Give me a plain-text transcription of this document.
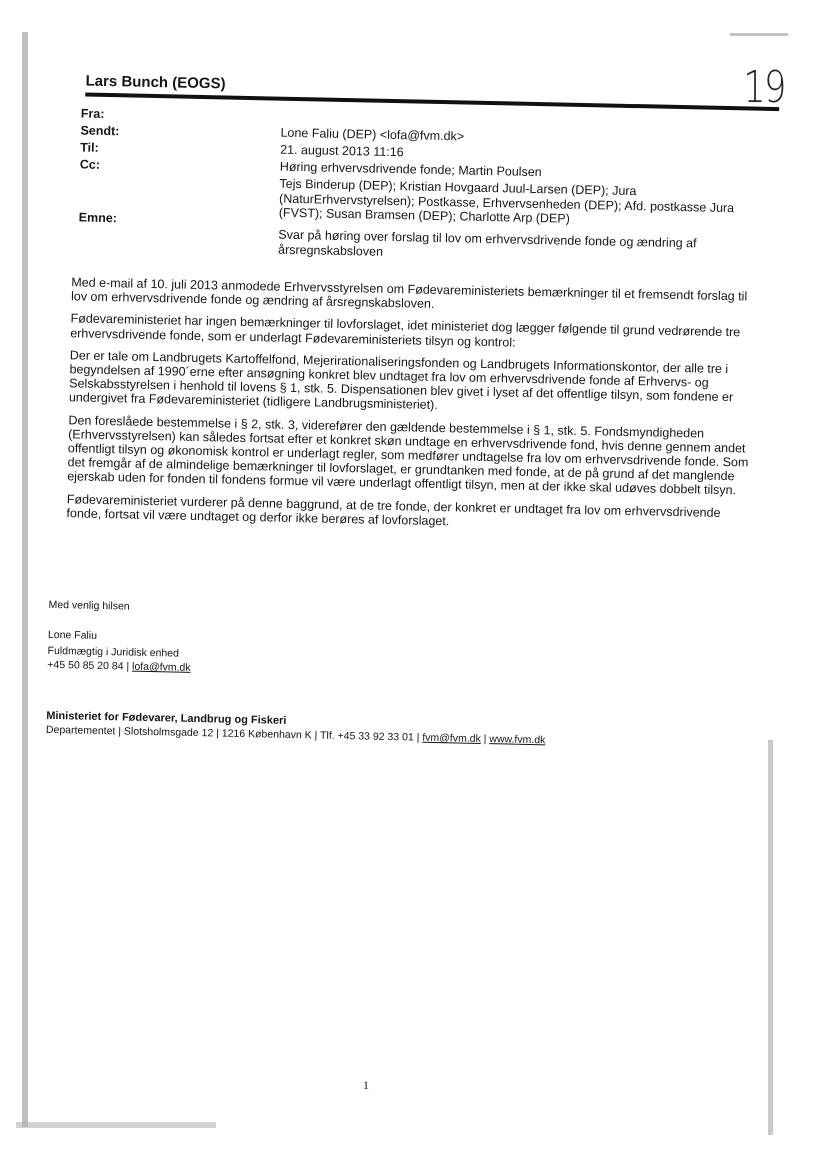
19
Lars Bunch (EOGS)
Fra:
Sendt:
Til:
Cc:
Emne:
Lone Faliu (DEP) <lofa@fvm.dk>
21. august 2013 11:16
Høring erhvervsdrivende fonde; Martin Poulsen
Tejs Binderup (DEP); Kristian Hovgaard Juul-Larsen (DEP); Jura (NaturErhvervstyrelsen); Postkasse, Erhvervsenheden (DEP); Afd. postkasse Jura (FVST); Susan Bramsen (DEP); Charlotte Arp (DEP)
Svar på høring over forslag til lov om erhvervsdrivende fonde og ændring af årsregnskabsloven

Med e-mail af 10. juli 2013 anmodede Erhvervsstyrelsen om Fødevareministeriets bemærkninger til et fremsendt forslag til lov om erhvervsdrivende fonde og ændring af årsregnskabsloven.

Fødevareministeriet har ingen bemærkninger til lovforslaget, idet ministeriet dog lægger følgende til grund vedrørende tre erhvervsdrivende fonde, som er underlagt Fødevareministeriets tilsyn og kontrol:

Der er tale om Landbrugets Kartoffelfond, Mejerirationaliseringsfonden og Landbrugets Informationskontor, der alle tre i begyndelsen af 1990´erne efter ansøgning konkret blev undtaget fra lov om erhvervsdrivende fonde af Erhvervs- og Selskabsstyrelsen i henhold til lovens § 1, stk. 5. Dispensationen blev givet i lyset af det offentlige tilsyn, som fondene er undergivet fra Fødevareministeriet (tidligere Landbrugsministeriet).

Den foreslåede bestemmelse i § 2, stk. 3, viderefører den gældende bestemmelse i § 1, stk. 5. Fondsmyndigheden (Erhvervsstyrelsen) kan således fortsat efter et konkret skøn undtage en erhvervsdrivende fond, hvis denne gennem andet offentligt tilsyn og økonomisk kontrol er underlagt regler, som medfører undtagelse fra lov om erhvervsdrivende fonde. Som det fremgår af de almindelige bemærkninger til lovforslaget, er grundtanken med fonde, at de på grund af det manglende ejerskab uden for fonden til fondens formue vil være underlagt offentligt tilsyn, men at der ikke skal udøves dobbelt tilsyn.

Fødevareministeriet vurderer på denne baggrund, at de tre fonde, der konkret er undtaget fra lov om erhvervsdrivende fonde, fortsat vil være undtaget og derfor ikke berøres af lovforslaget.

Med venlig hilsen
Lone Faliu
Fuldmægtig i Juridisk enhed
+45 50 85 20 84 | lofa@fvm.dk
Ministeriet for Fødevarer, Landbrug og Fiskeri
Departementet | Slotsholmsgade 12 | 1216 København K | Tlf. +45 33 92 33 01 | fvm@fvm.dk | www.fvm.dk
1
